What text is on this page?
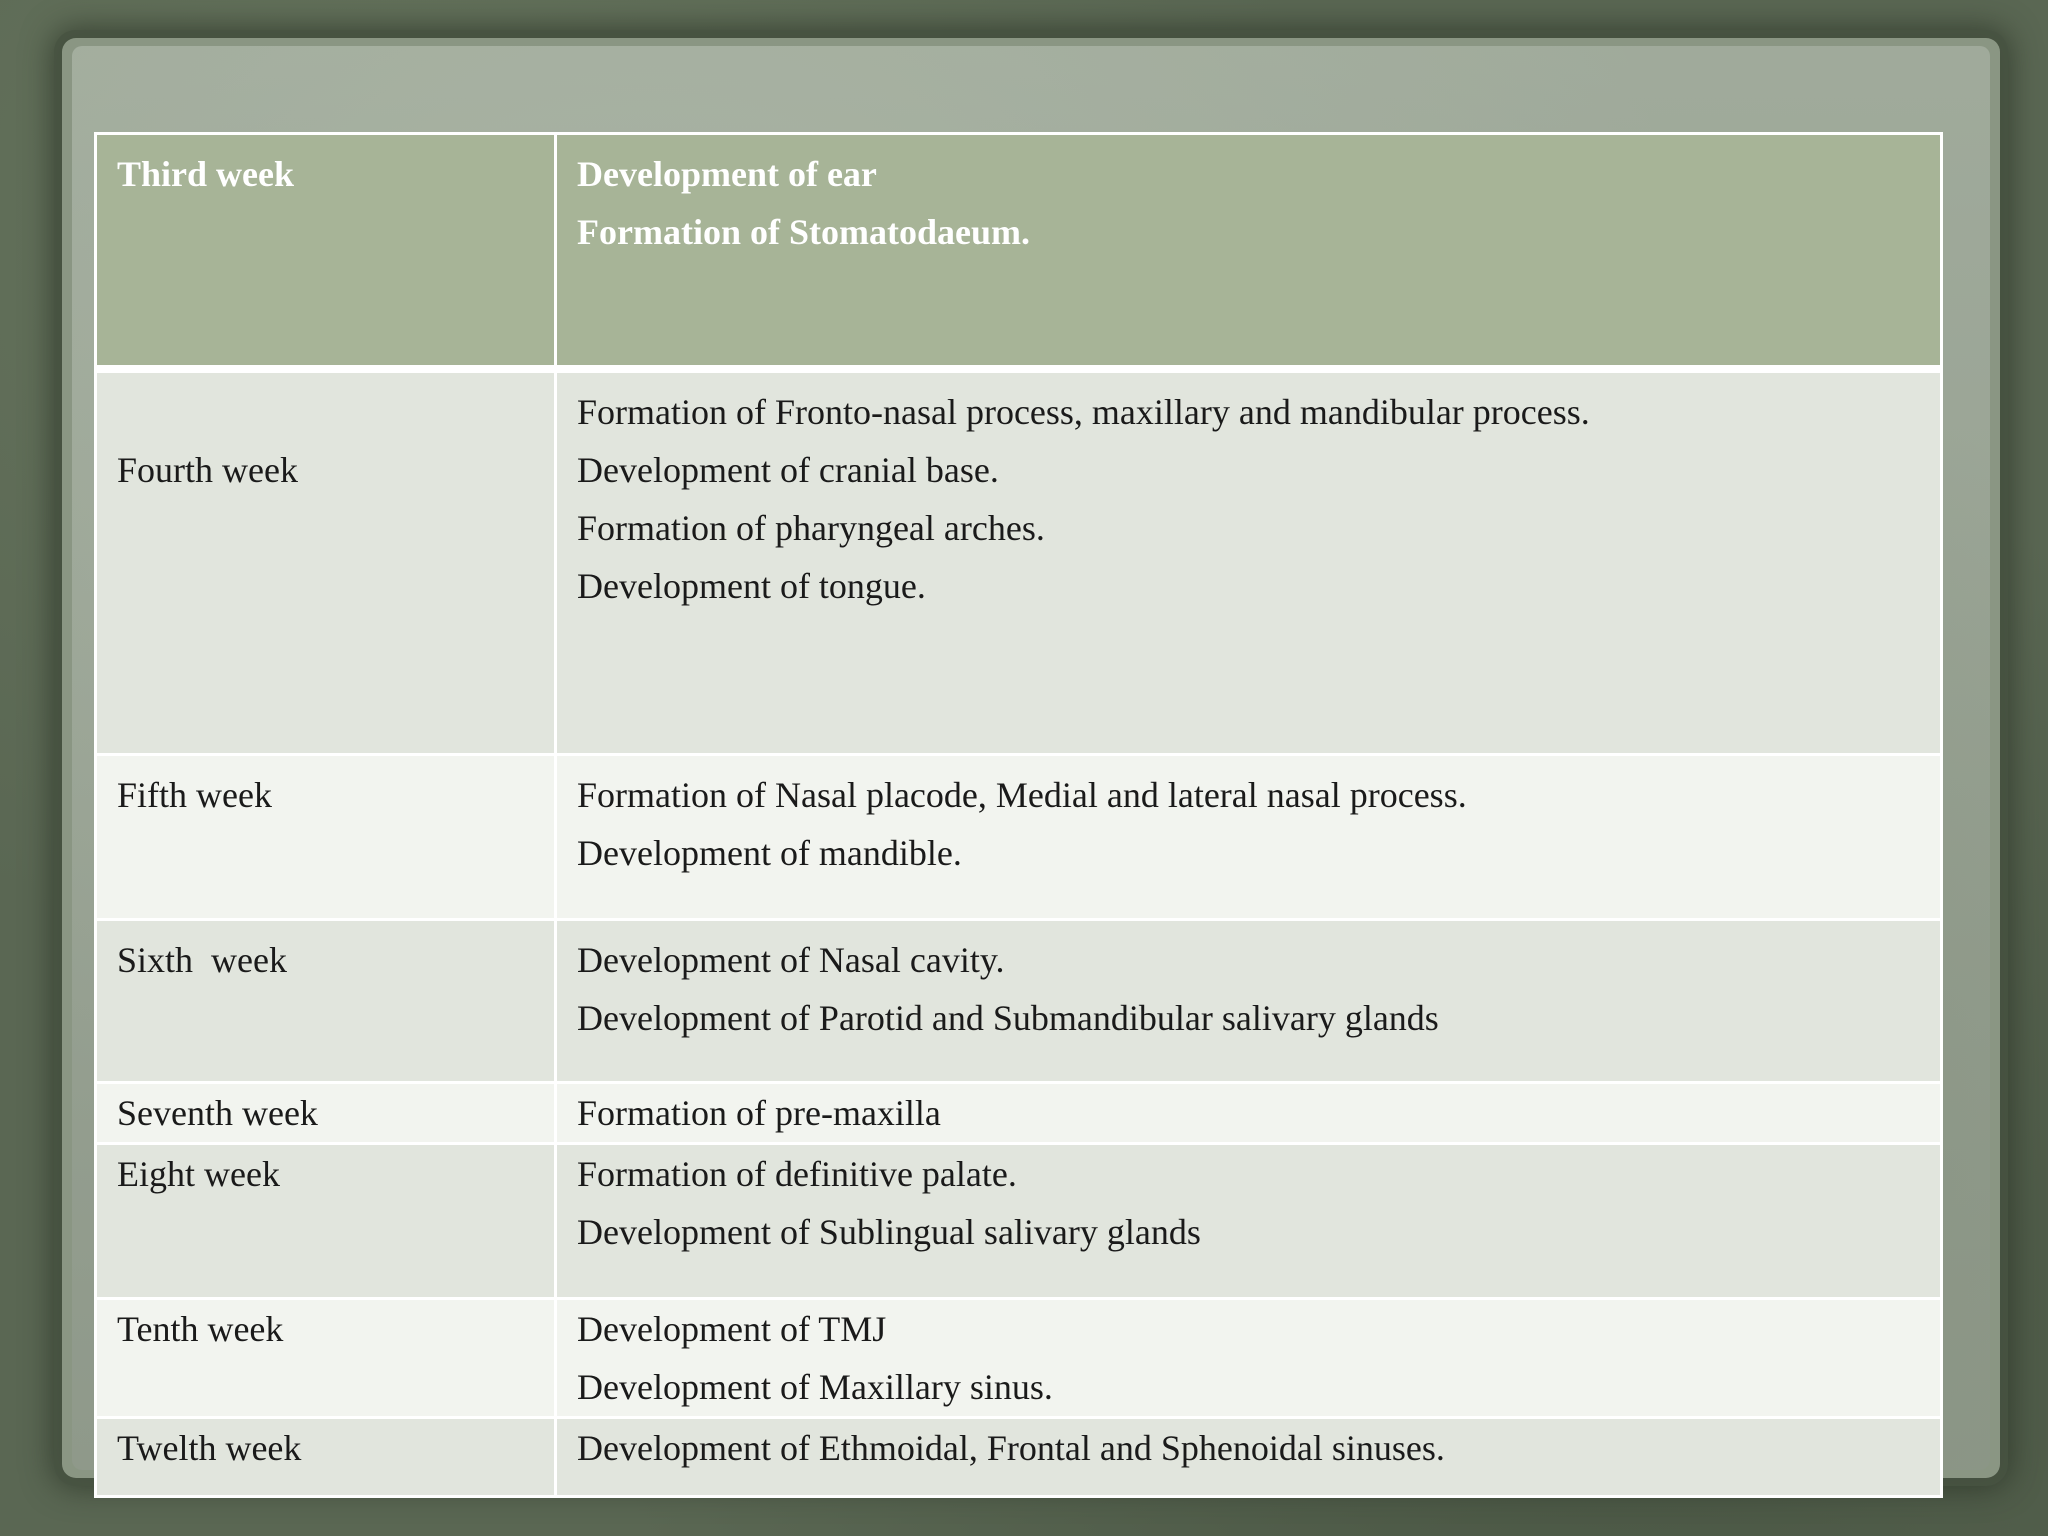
Third week	Development of ear
Formation of Stomatodaeum.

Fourth week	Formation of Fronto-nasal process, maxillary and mandibular process.
Development of cranial base.
Formation of pharyngeal arches.
Development of tongue.

Fifth week	Formation of Nasal placode, Medial and lateral nasal process.
Development of mandible.

Sixth  week	Development of Nasal cavity.
Development of Parotid and Submandibular salivary glands

Seventh week	Formation of pre-maxilla

Eight week	Formation of definitive palate.
Development of Sublingual salivary glands

Tenth week	Development of TMJ
Development of Maxillary sinus.

Twelth week	Development of Ethmoidal, Frontal and Sphenoidal sinuses.
